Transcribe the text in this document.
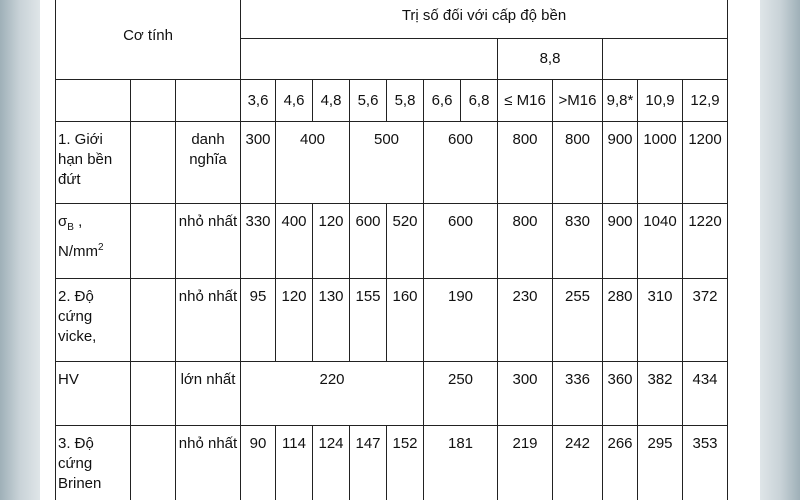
Cơ tính			Trị số đối với cấp độ bền											
										8,8				
			3,6	4,6	4,8	5,6	5,8	6,6	6,8	≤ M16	>M16	9,8*	10,9	12,9
1. Giới hạn bền đứt		danh nghĩa	300	400		500		600		800	800	900	1000	1200
$\sigma_B$ ,
$N/mm^2$		nhỏ nhất	330	400	120	600	520	600		800	830	900	1040	1220
2. Độ cứng vicke,		nhỏ nhất	95	120	130	155	160	190		230	255	280	310	372
HV		lớn nhất	220					250		300	336	360	382	434
3. Độ cứng Brinen		nhỏ nhất	90	114	124	147	152	181		219	242	266	295	353
